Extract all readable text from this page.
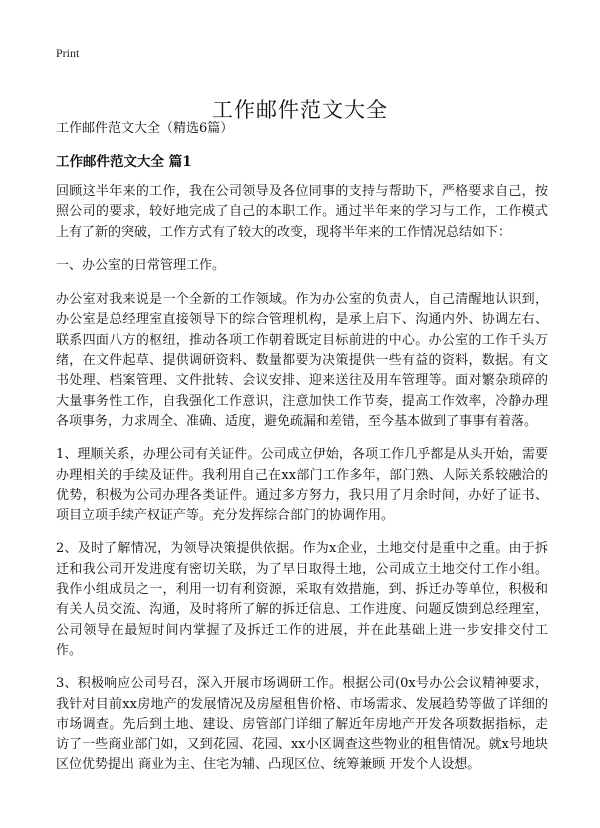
Print
工作邮件范文大全

工作邮件范文大全（精选6篇）

工作邮件范文大全 篇1

回顾这半年来的工作，我在公司领导及各位同事的支持与帮助下，严格要求自己，按照公司的要求，较好地完成了自己的本职工作。通过半年来的学习与工作，工作模式上有了新的突破，工作方式有了较大的改变，现将半年来的工作情况总结如下：

一、办公室的日常管理工作。

办公室对我来说是一个全新的工作领域。作为办公室的负责人，自己清醒地认识到，办公室是总经理室直接领导下的综合管理机构，是承上启下、沟通内外、协调左右、联系四面八方的枢纽，推动各项工作朝着既定目标前进的中心。办公室的工作千头万绪，在文件起草、提供调研资料、数量都要为决策提供一些有益的资料，数据。有文书处理、档案管理、文件批转、会议安排、迎来送往及用车管理等。面对繁杂琐碎的大量事务性工作，自我强化工作意识，注意加快工作节奏，提高工作效率，冷静办理各项事务，力求周全、准确、适度，避免疏漏和差错，至今基本做到了事事有着落。

1、理顺关系，办理公司有关证件。公司成立伊始，各项工作几乎都是从头开始，需要办理相关的手续及证件。我利用自己在xx部门工作多年，部门熟、人际关系较融洽的优势，积极为公司办理各类证件。通过多方努力，我只用了月余时间，办好了证书、项目立项手续产权证产等。充分发挥综合部门的协调作用。

2、及时了解情况，为领导决策提供依据。作为x企业，土地交付是重中之重。由于拆迁和我公司开发进度有密切关联，为了早日取得土地，公司成立土地交付工作小组。我作小组成员之一，利用一切有利资源，采取有效措施，到、拆迁办等单位，积极和有关人员交流、沟通，及时将所了解的拆迁信息、工作进度、问题反馈到总经理室，公司领导在最短时间内掌握了及拆迁工作的进展，并在此基础上进一步安排交付工作。

3、积极响应公司号召，深入开展市场调研工作。根据公司(0x号办公会议精神要求，我针对目前xx房地产的发展情况及房屋租售价格、市场需求、发展趋势等做了详细的市场调查。先后到土地、建设、房管部门详细了解近年房地产开发各项数据指标，走访了一些商业部门如，又到花园、花园、xx小区调查这些物业的租售情况。就x号地块区位优势提出 商业为主、住宅为辅、凸现区位、统筹兼顾 开发个人设想。
